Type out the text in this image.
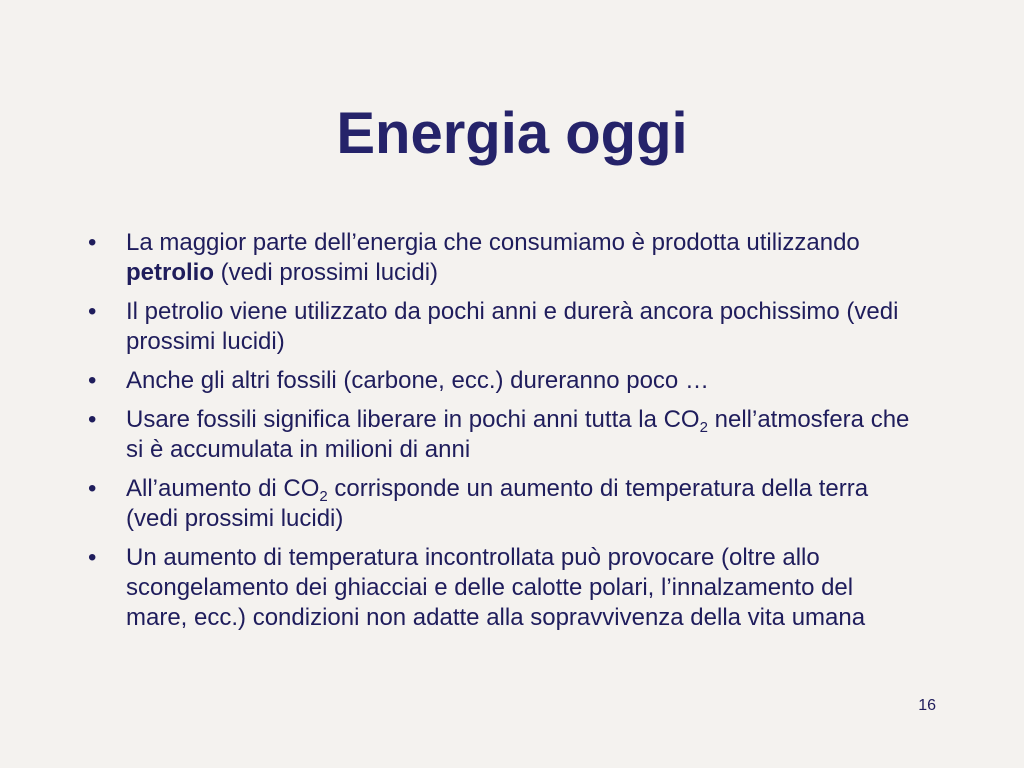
Energia oggi
•	La maggior parte dell’energia che consumiamo è prodotta utilizzando petrolio (vedi prossimi lucidi)
•	Il petrolio viene utilizzato da pochi anni e durerà ancora pochissimo (vedi prossimi lucidi)
•	Anche gli altri fossili (carbone, ecc.) dureranno poco …
•	Usare fossili significa liberare in pochi anni tutta la $CO_2$ nell’atmosfera che si è accumulata in milioni di anni
•	All’aumento di $CO_2$ corrisponde un aumento di temperatura della terra (vedi prossimi lucidi)
•	Un aumento di temperatura incontrollata può provocare (oltre allo scongelamento dei ghiacciai e delle calotte polari, l’innalzamento del mare, ecc.) condizioni non adatte alla sopravvivenza della vita umana
16
